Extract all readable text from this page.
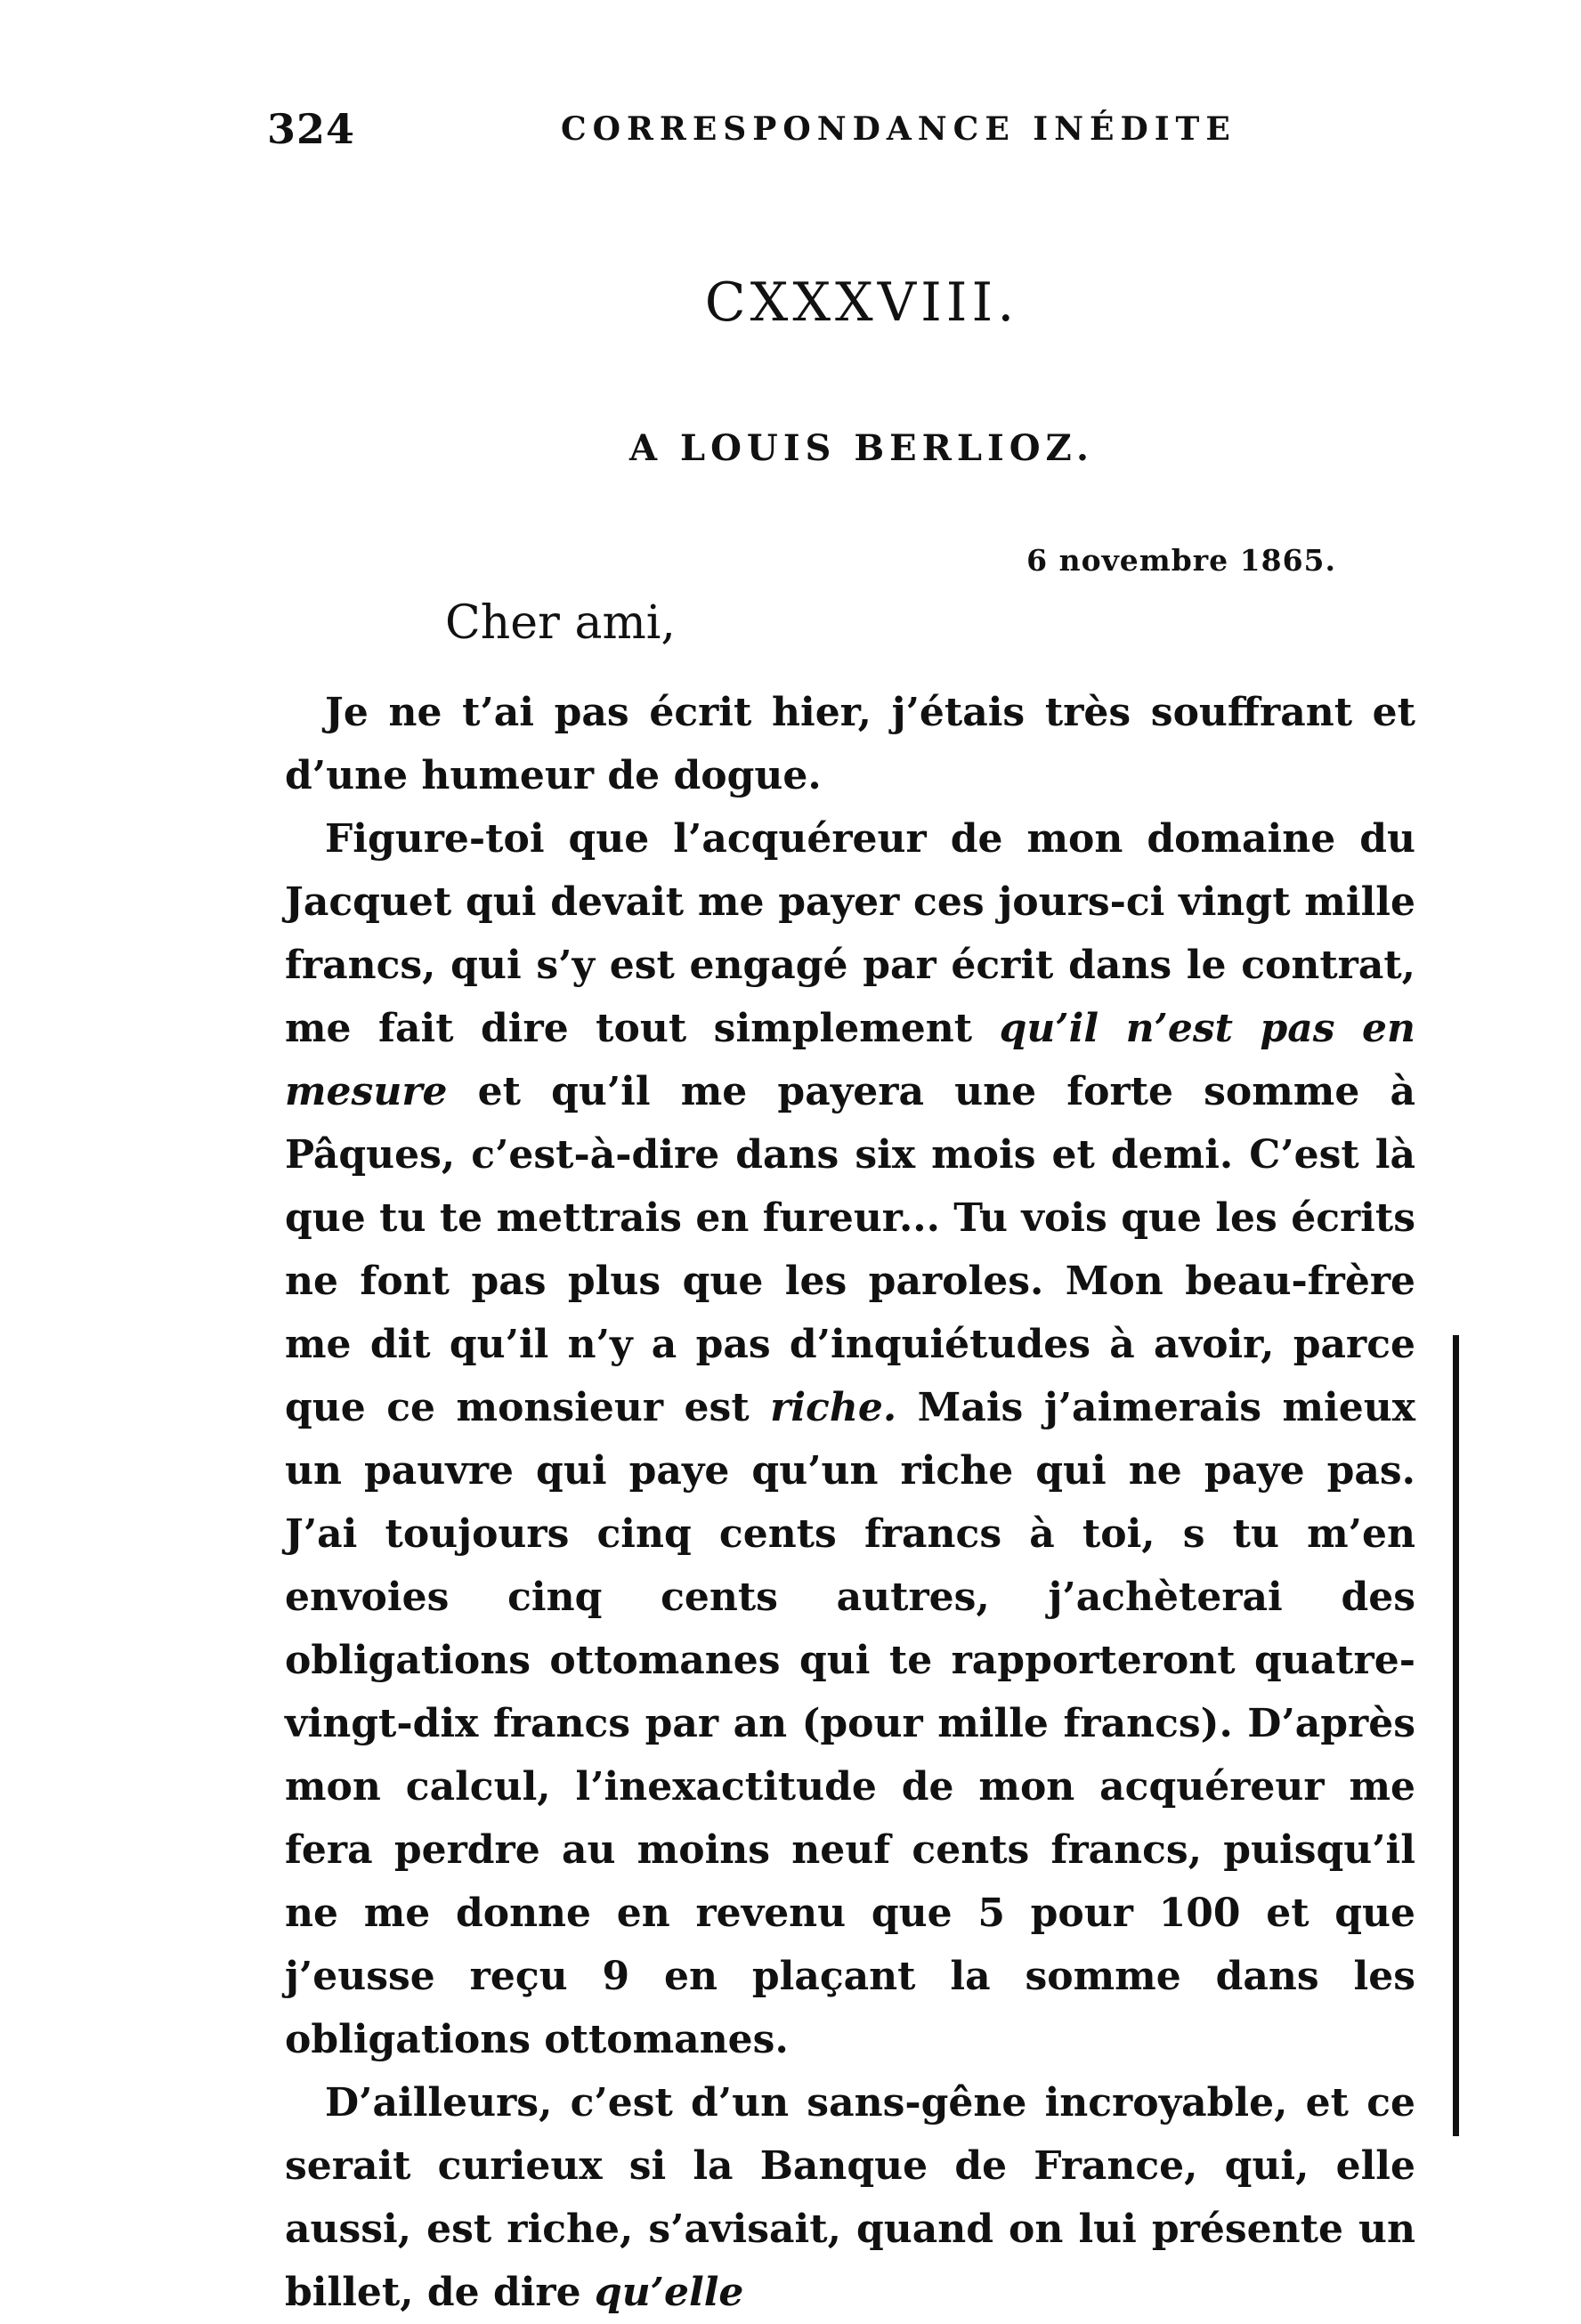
324	CORRESPONDANCE INÉDITE
CXXXVIII.
A LOUIS BERLIOZ.
6 novembre 1865.
Cher ami,

Je ne t’ai pas écrit hier, j’étais très souffrant et d’une humeur de dogue.

Figure-toi que l’acquéreur de mon domaine du Jacquet qui devait me payer ces jours-ci vingt mille francs, qui s’y est engagé par écrit dans le contrat, me fait dire tout simplement qu’il n’est pas en mesure et qu’il me payera une forte somme à Pâques, c’est-à-dire dans six mois et demi. C’est là que tu te mettrais en fureur... Tu vois que les écrits ne font pas plus que les paroles. Mon beau-frère me dit qu’il n’y a pas d’inquiétudes à avoir, parce que ce monsieur est riche. Mais j’aimerais mieux un pauvre qui paye qu’un riche qui ne paye pas. J’ai toujours cinq cents francs à toi, s tu m’en envoies cinq cents autres, j’achèterai des obligations ottomanes qui te rapporteront quatre-vingt-dix francs par an (pour mille francs). D’après mon calcul, l’inexactitude de mon acquéreur me fera perdre au moins neuf cents francs, puisqu’il ne me donne en revenu que 5 pour 100 et que j’eusse reçu 9 en plaçant la somme dans les obligations ottomanes.

D’ailleurs, c’est d’un sans-gêne incroyable, et ce serait curieux si la Banque de France, qui, elle aussi, est riche, s’avisait, quand on lui présente un billet, de dire qu’elle
